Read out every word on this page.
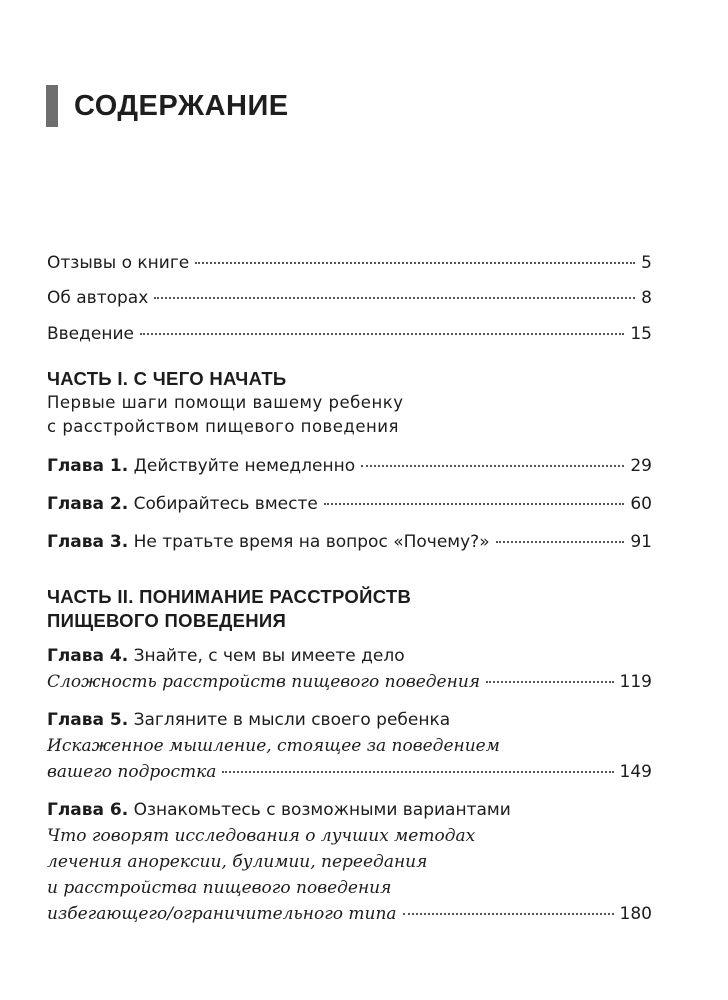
СОДЕРЖАНИЕ
Отзывы о книге	5
Об авторах	8
Введение	15
ЧАСТЬ I. С ЧЕГО НАЧАТЬ
Первые шаги помощи вашему ребенку
с расстройством пищевого поведения
Глава 1. Действуйте немедленно	29
Глава 2. Собирайтесь вместе	60
Глава 3. Не тратьте время на вопрос «Почему?»	91
ЧАСТЬ II. ПОНИМАНИЕ РАССТРОЙСТВ
ПИЩЕВОГО ПОВЕДЕНИЯ
Глава 4. Знайте, с чем вы имеете дело
Сложность расстройств пищевого поведения	119
Глава 5. Загляните в мысли своего ребенка
Искаженное мышление, стоящее за поведением
вашего подростка	149
Глава 6. Ознакомьтесь с возможными вариантами
Что говорят исследования о лучших методах
лечения анорексии, булимии, переедания
и расстройства пищевого поведения
избегающего/ограничительного типа	180
